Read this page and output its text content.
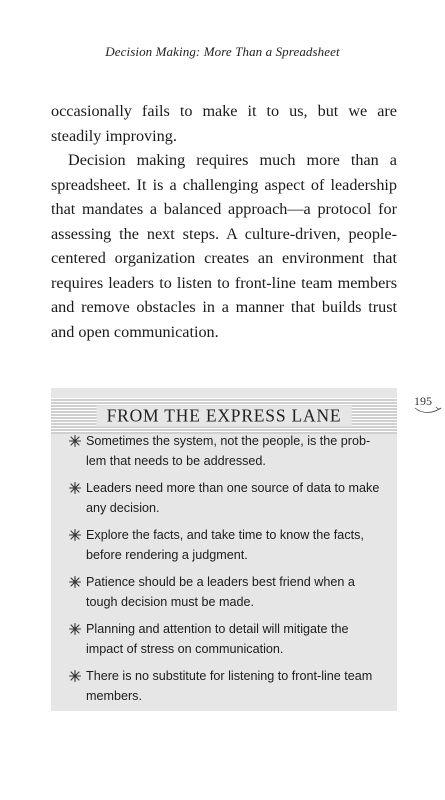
Decision Making: More Than a Spreadsheet

occasionally fails to make it to us, but we are steadily improving.

Decision making requires much more than a spreadsheet. It is a challenging aspect of leadership that mandates a balanced approach—a protocol for assessing the next steps. A culture-driven, people-centered organization creates an environment that requires leaders to listen to front-line team members and remove obstacles in a manner that builds trust and open communication.

195
FROM THE EXPRESS LANE
Sometimes the system, not the people, is the prob-lem that needs to be addressed.
Leaders need more than one source of data to make any decision.
Explore the facts, and take time to know the facts, before rendering a judgment.
Patience should be a leaders best friend when a tough decision must be made.
Planning and attention to detail will mitigate the impact of stress on communication.
There is no substitute for listening to front-line team members.
